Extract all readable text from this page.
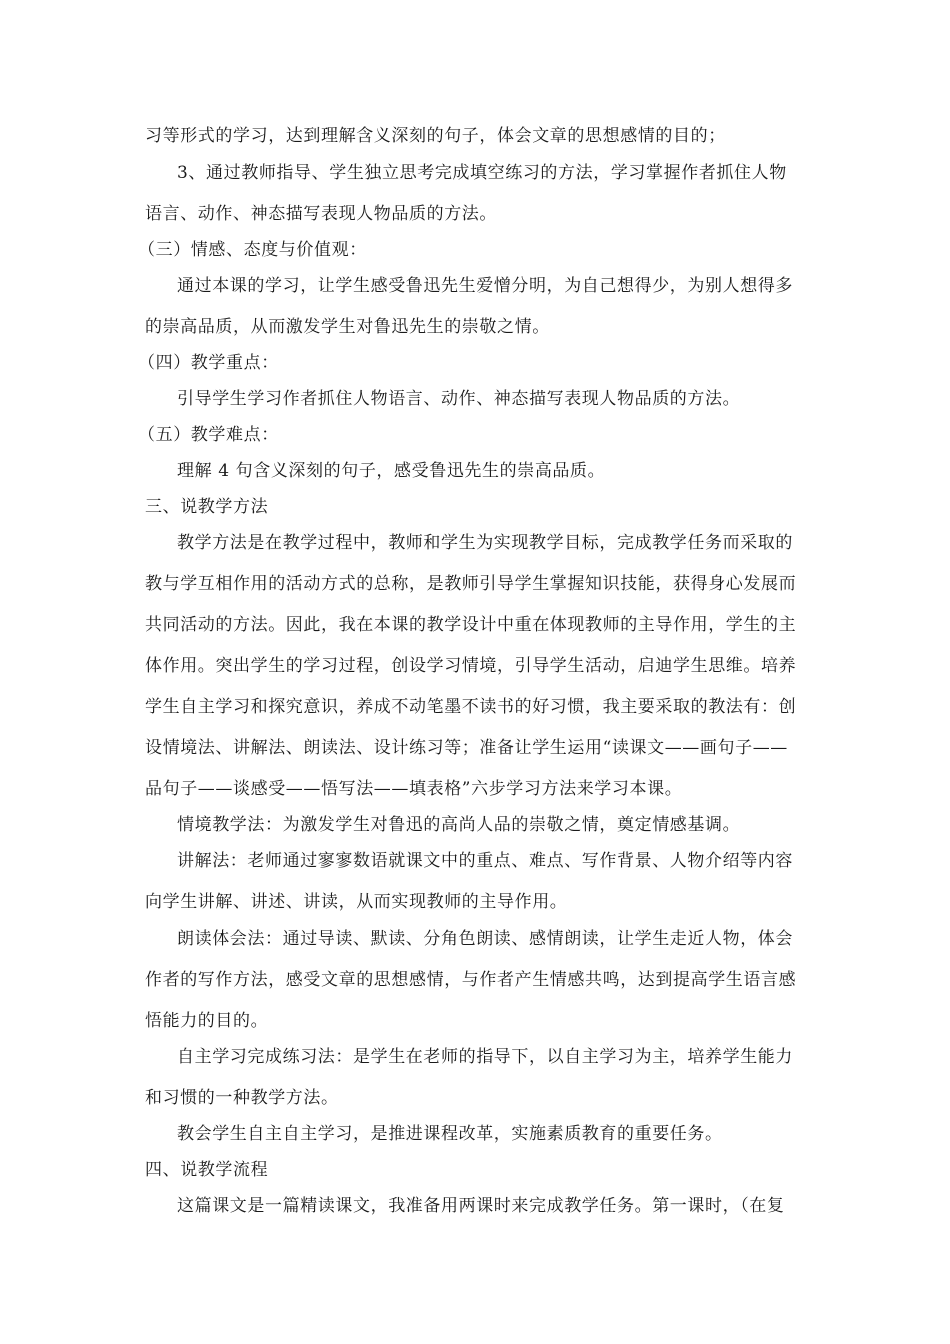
习等形式的学习，达到理解含义深刻的句子，体会文章的思想感情的目的；
3、通过教师指导、学生独立思考完成填空练习的方法，学习掌握作者抓住人物
语言、动作、神态描写表现人物品质的方法。
（三）情感、态度与价值观：
通过本课的学习，让学生感受鲁迅先生爱憎分明，为自己想得少，为别人想得多
的崇高品质，从而激发学生对鲁迅先生的崇敬之情。
（四）教学重点：
引导学生学习作者抓住人物语言、动作、神态描写表现人物品质的方法。
（五）教学难点：
理解 4 句含义深刻的句子，感受鲁迅先生的崇高品质。
三、说教学方法
教学方法是在教学过程中，教师和学生为实现教学目标，完成教学任务而采取的
教与学互相作用的活动方式的总称，是教师引导学生掌握知识技能，获得身心发展而
共同活动的方法。因此，我在本课的教学设计中重在体现教师的主导作用，学生的主
体作用。突出学生的学习过程，创设学习情境，引导学生活动，启迪学生思维。培养
学生自主学习和探究意识，养成不动笔墨不读书的好习惯，我主要采取的教法有：创
设情境法、讲解法、朗读法、设计练习等；准备让学生运用“读课文——画句子——
品句子——谈感受——悟写法——填表格”六步学习方法来学习本课。
情境教学法：为激发学生对鲁迅的高尚人品的崇敬之情，奠定情感基调。
讲解法：老师通过寥寥数语就课文中的重点、难点、写作背景、人物介绍等内容
向学生讲解、讲述、讲读，从而实现教师的主导作用。
朗读体会法：通过导读、默读、分角色朗读、感情朗读，让学生走近人物，体会
作者的写作方法，感受文章的思想感情，与作者产生情感共鸣，达到提高学生语言感
悟能力的目的。
自主学习完成练习法：是学生在老师的指导下，以自主学习为主，培养学生能力
和习惯的一种教学方法。
教会学生自主自主学习，是推进课程改革，实施素质教育的重要任务。
四、说教学流程
这篇课文是一篇精读课文，我准备用两课时来完成教学任务。第一课时，（在复
